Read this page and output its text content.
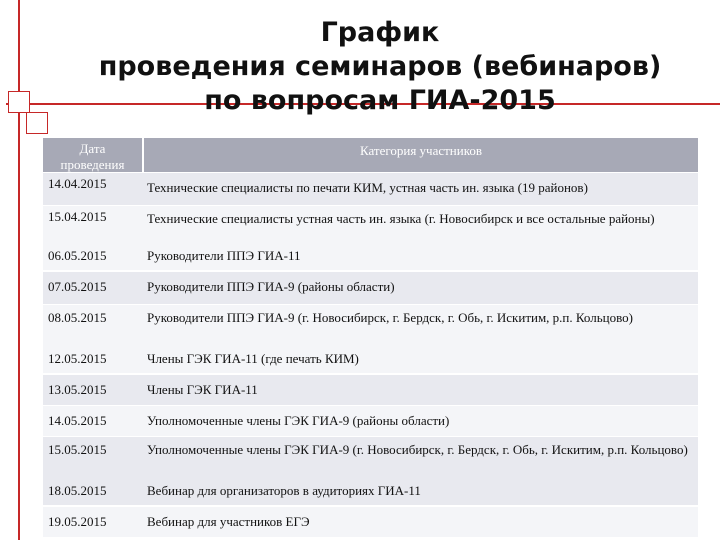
График
проведения семинаров (вебинаров)
по вопросам ГИА-2015
Дата проведения
Категория участников
14.04.2015	Технические специалисты по печати КИМ, устная часть ин. языка (19 районов)
15.04.2015	Технические специалисты устная часть ин. языка (г. Новосибирск и все остальные районы)
06.05.2015	Руководители ППЭ ГИА-11
07.05.2015	Руководители ППЭ ГИА-9 (районы области)
08.05.2015	Руководители ППЭ ГИА-9 (г. Новосибирск, г. Бердск, г. Обь, г. Искитим, р.п. Кольцово)
12.05.2015	Члены ГЭК ГИА-11 (где печать КИМ)
13.05.2015	Члены ГЭК ГИА-11
14.05.2015	Уполномоченные члены ГЭК ГИА-9 (районы области)
15.05.2015	Уполномоченные члены ГЭК ГИА-9 (г. Новосибирск, г. Бердск, г. Обь, г. Искитим, р.п. Кольцово)
18.05.2015	Вебинар для организаторов в аудиториях ГИА-11
19.05.2015	Вебинар для участников ЕГЭ
